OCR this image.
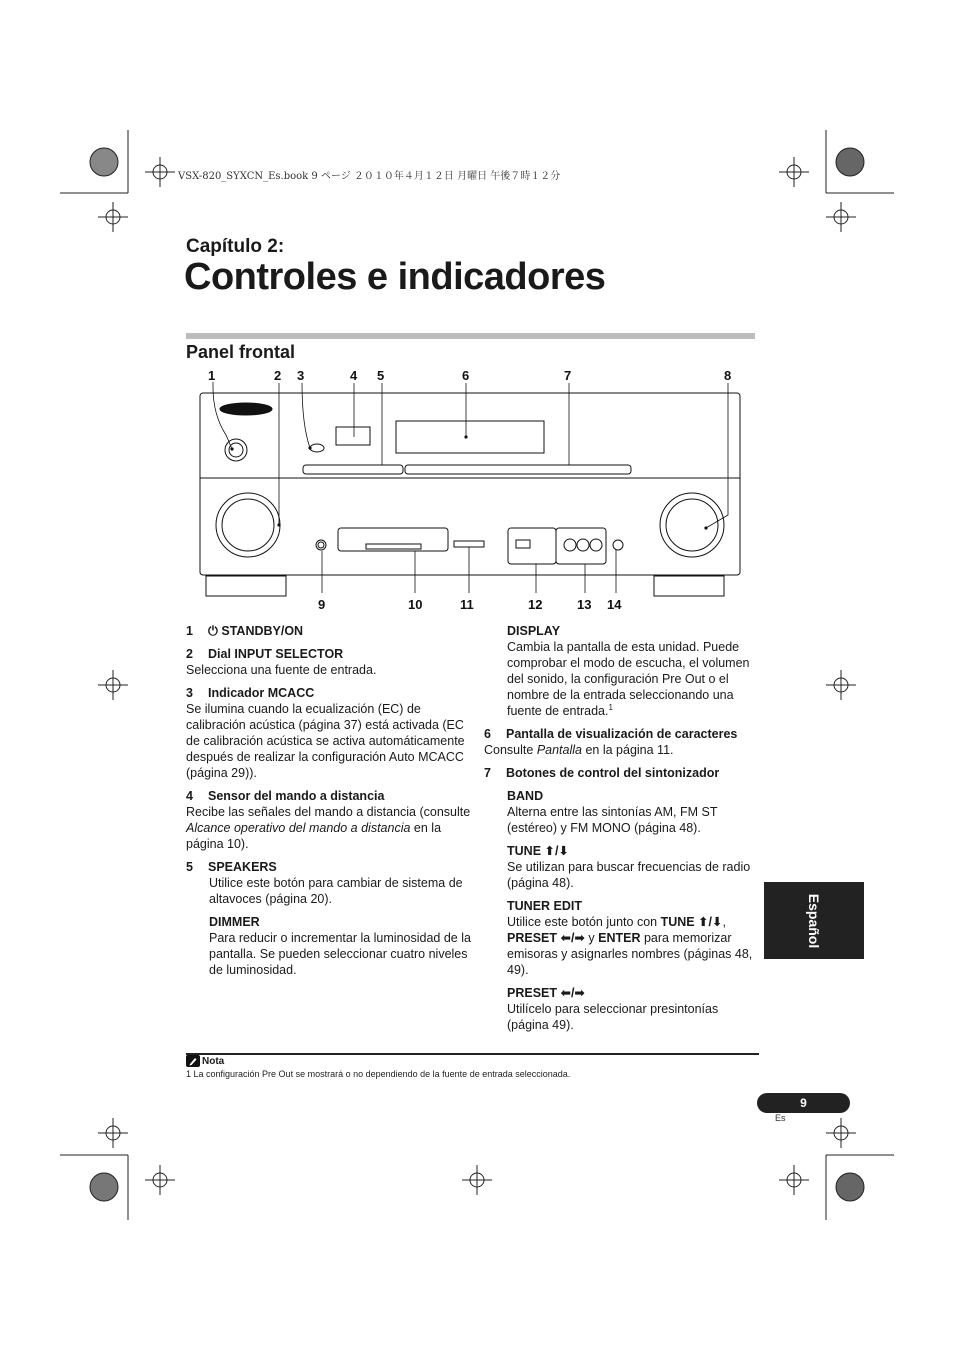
VSX-820_SYXCN_Es.book 9 ページ ２０１０年４月１２日 月曜日 午後７時１２分
Capítulo 2:
Controles e indicadores
Panel frontal
1	2 3	4 5	6	7	8
9	10	11	12	13 14
1 ⏻ STANDBY/ON
2 Dial INPUT SELECTOR

Selecciona una fuente de entrada.

3 Indicador MCACC

Se ilumina cuando la ecualización (EC) de calibración acústica (página 37) está activada (EC de calibración acústica se activa automáticamente después de realizar la configuración Auto MCACC (página 29)).

4 Sensor del mando a distancia

Recibe las señales del mando a distancia (consulte Alcance operativo del mando a distancia en la página 10).

5 SPEAKERS

Utilice este botón para cambiar de sistema de altavoces (página 20).

DIMMER

Para reducir o incrementar la luminosidad de la pantalla. Se pueden seleccionar cuatro niveles de luminosidad.

DISPLAY

Cambia la pantalla de esta unidad. Puede comprobar el modo de escucha, el volumen del sonido, la configuración Pre Out o el nombre de la entrada seleccionando una fuente de entrada.$^1$

6 Pantalla de visualización de caracteres

Consulte Pantalla en la página 11.

7 Botones de control del sintonizador
BAND

Alterna entre las sintonías AM, FM ST (estéreo) y FM MONO (página 48).

TUNE ⬆/⬇

Se utilizan para buscar frecuencias de radio (página 48).

TUNER EDIT

Utilice este botón junto con TUNE ⬆/⬇, PRESET ⬅/➡ y ENTER para memorizar emisoras y asignarles nombres (páginas 48, 49).

PRESET ⬅/➡

Utilícelo para seleccionar presintonías (página 49).

Español
Nota
1 La configuración Pre Out se mostrará o no dependiendo de la fuente de entrada seleccionada.
9
Es
